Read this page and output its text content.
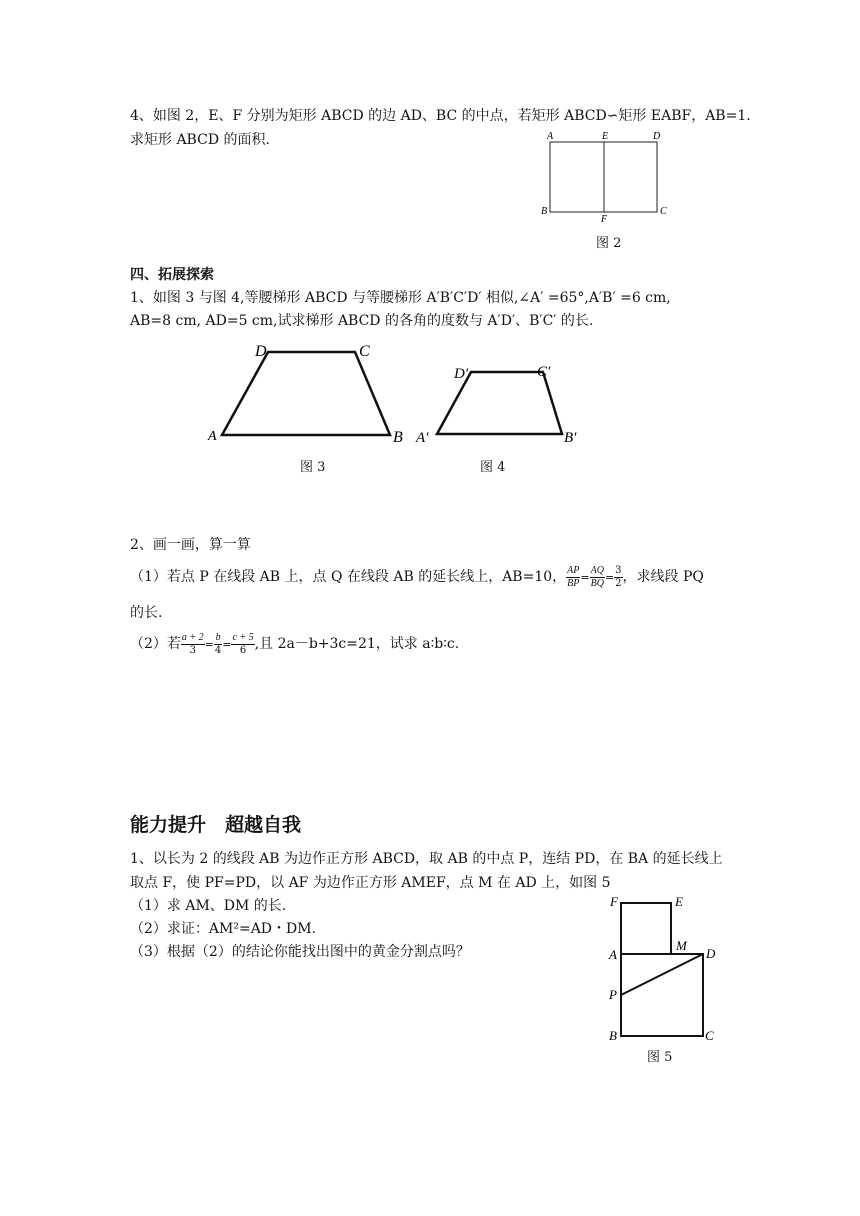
4、如图 2，E、F 分别为矩形 ABCD 的边 AD、BC 的中点，若矩形 ABCD∽矩形 EABF，AB=1.
求矩形 ABCD 的面积.	A	E	D
B
F
C
图 2
四、拓展探索
1、如图 3 与图 4,等腰梯形 ABCD 与等腰梯形 A′B′C′D′ 相似,∠A′ =65°,A′B′ =6 cm,
AB=8 cm, AD=5 cm,试求梯形 ABCD 的各角的度数与 A′D′、B′C′ 的长.
D	C
A	B
图 3
D′	C′
A′	B′
图 4
2、画一画，算一算
（1）若点 P 在线段 AB 上，点 Q 在线段 AB 的延长线上，AB=10， $\frac{AP}{BP} = \frac{AQ}{BQ} = \frac{3}{2}$ ，求线段 PQ
的长.
（2）若 $\frac{a + 2}{3} = \frac{b}{4} = \frac{c + 5}{6}$ ,且 2a－b+3c=21，试求 a∶b∶c.
能力提升　超越自我
1、以长为 2 的线段 AB 为边作正方形 ABCD，取 AB 的中点 P，连结 PD，在 BA 的延长线上
取点 F，使 PF=PD，以 AF 为边作正方形 AMEF，点 M 在 AD 上，如图 5
（1）求 AM、DM 的长.
（2）求证：AM²=AD・DM.
（3）根据（2）的结论你能找出图中的黄金分割点吗？
F	E
A
M
D
P
B	C
图 5
